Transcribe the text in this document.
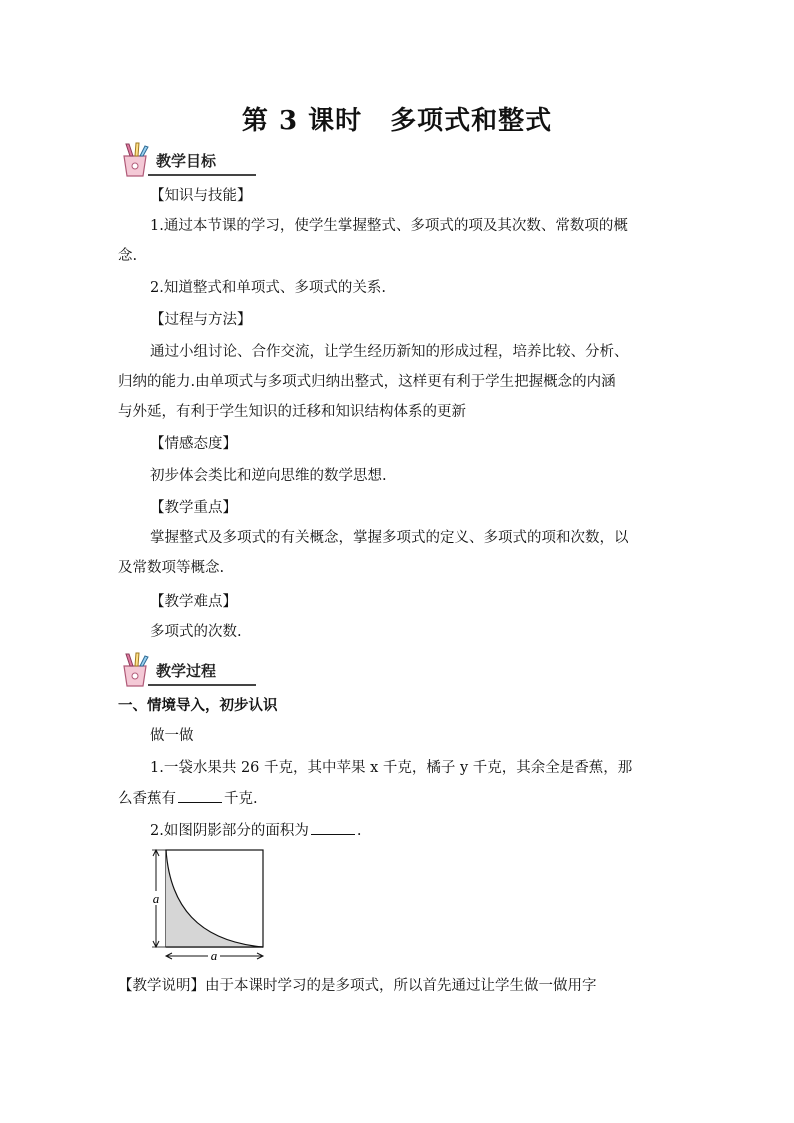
第 3 课时 多项式和整式
教学目标
【知识与技能】
1.通过本节课的学习，使学生掌握整式、多项式的项及其次数、常数项的概
念.
2.知道整式和单项式、多项式的关系.
【过程与方法】
通过小组讨论、合作交流，让学生经历新知的形成过程，培养比较、分析、
归纳的能力.由单项式与多项式归纳出整式，这样更有利于学生把握概念的内涵
与外延，有利于学生知识的迁移和知识结构体系的更新
【情感态度】
初步体会类比和逆向思维的数学思想.
【教学重点】
掌握整式及多项式的有关概念，掌握多项式的定义、多项式的项和次数，以
及常数项等概念.
【教学难点】
多项式的次数.
教学过程
一、情境导入，初步认识
做一做
1.一袋水果共 26 千克，其中苹果 x 千克，橘子 y 千克，其余全是香蕉，那
么香蕉有	千克.
2.如图阴影部分的面积为	.
a
a
【教学说明】由于本课时学习的是多项式，所以首先通过让学生做一做用字
